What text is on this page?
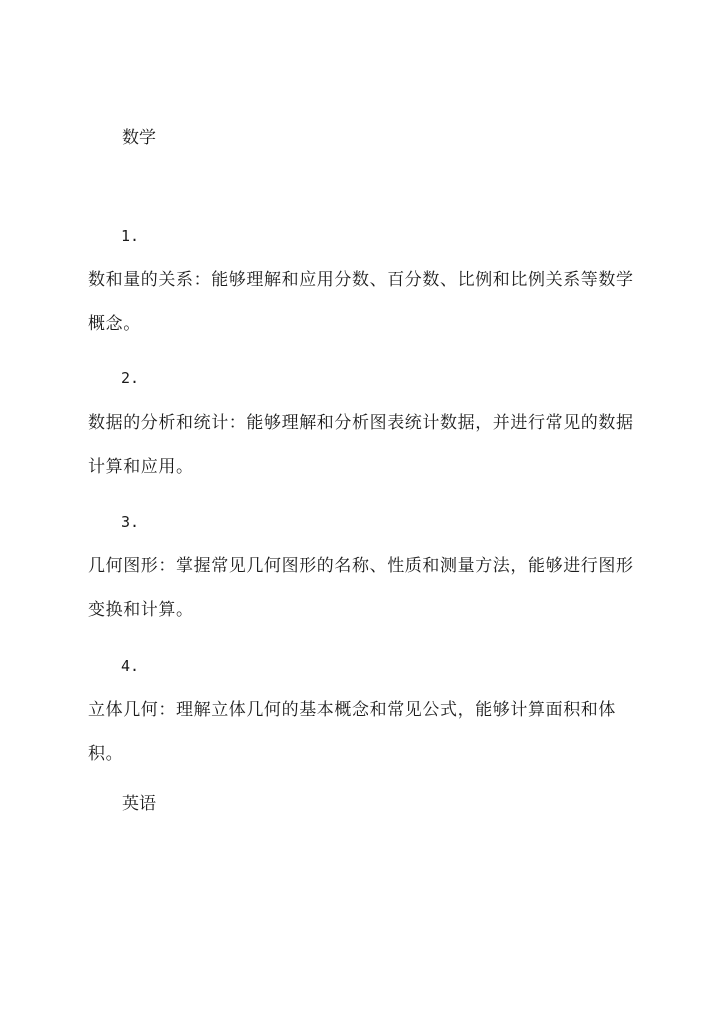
数学
1.

数和量的关系：能够理解和应用分数、百分数、比例和比例关系等数学概念。

2.

数据的分析和统计：能够理解和分析图表统计数据，并进行常见的数据计算和应用。

3.

几何图形：掌握常见几何图形的名称、性质和测量方法，能够进行图形变换和计算。

4.

立体几何：理解立体几何的基本概念和常见公式，能够计算面积和体积。

英语
